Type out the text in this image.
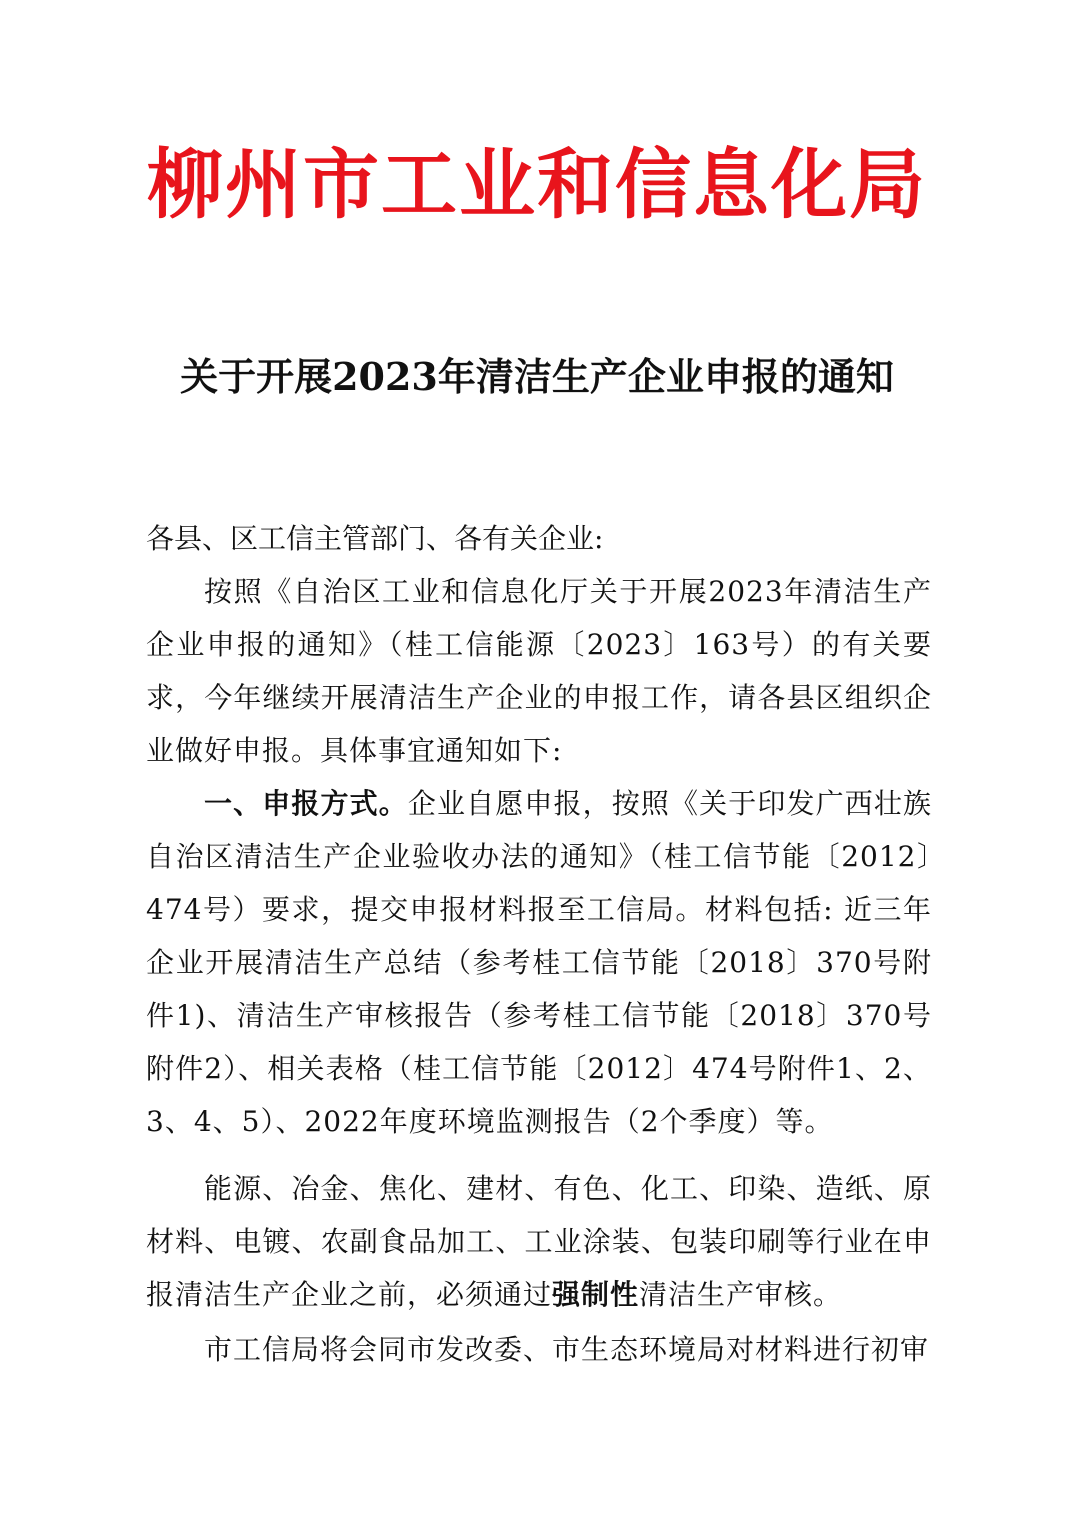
柳州市工业和信息化局
关于开展2023年清洁生产企业申报的通知
各县、区工信主管部门、各有关企业:
按照《自治区工业和信息化厅关于开展2023年清洁生产企业申报的通知》（桂工信能源〔2023〕163号）的有关要求，今年继续开展清洁生产企业的申报工作，请各县区组织企业做好申报。具体事宜通知如下:
一、申报方式。企业自愿申报，按照《关于印发广西壮族自治区清洁生产企业验收办法的通知》（桂工信节能〔2012〕474号）要求，提交申报材料报至工信局。材料包括: 近三年企业开展清洁生产总结（参考桂工信节能〔2018〕370号附件1)、清洁生产审核报告（参考桂工信节能〔2018〕370号附件2）、相关表格（桂工信节能〔2012〕474号附件1、2、3、4、5）、2022年度环境监测报告（2个季度）等。
能源、冶金、焦化、建材、有色、化工、印染、造纸、原材料、电镀、农副食品加工、工业涂装、包装印刷等行业在申报清洁生产企业之前，必须通过强制性清洁生产审核。
市工信局将会同市发改委、市生态环境局对材料进行初审
